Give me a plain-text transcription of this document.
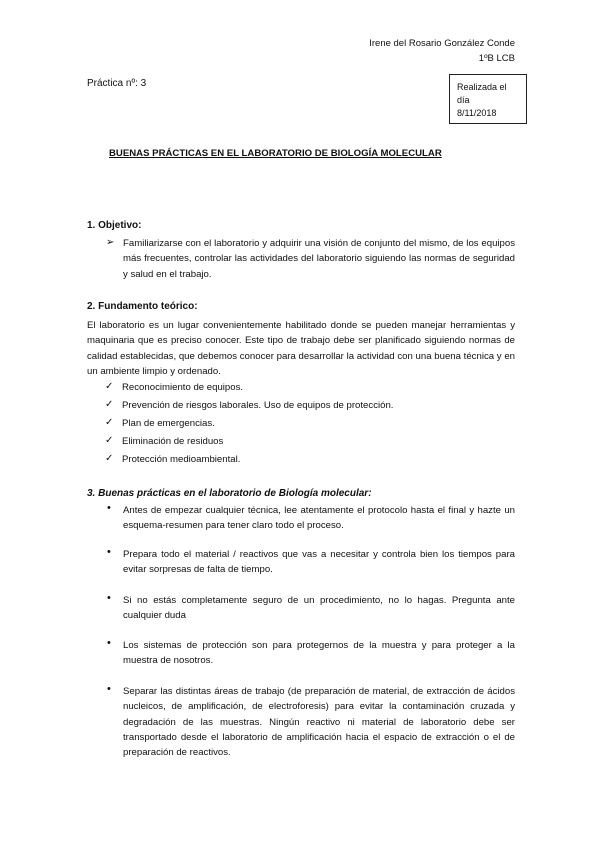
Irene del Rosario González Conde
1ºB LCB
Práctica nº: 3	Realizada el día
8/11/2018
BUENAS PRÁCTICAS EN EL LABORATORIO DE BIOLOGÍA MOLECULAR
1. Objetivo:
➢ Familiarizarse con el laboratorio y adquirir una visión de conjunto del mismo, de los equipos más frecuentes, controlar las actividades del laboratorio siguiendo las normas de seguridad y salud en el trabajo.
2. Fundamento teórico:
El laboratorio es un lugar convenientemente habilitado donde se pueden manejar herramientas y maquinaria que es preciso conocer. Este tipo de trabajo debe ser planificado siguiendo normas de calidad establecidas, que debemos conocer para desarrollar la actividad con una buena técnica y en un ambiente limpio y ordenado.
✓ Reconocimiento de equipos.
✓ Prevención de riesgos laborales. Uso de equipos de protección.
✓ Plan de emergencias.
✓ Eliminación de residuos
✓ Protección medioambiental.
3. Buenas prácticas en el laboratorio de Biología molecular:
• Antes de empezar cualquier técnica, lee atentamente el protocolo hasta el final y hazte un esquema-resumen para tener claro todo el proceso.
• Prepara todo el material / reactivos que vas a necesitar y controla bien los tiempos para evitar sorpresas de falta de tiempo.
• Si no estás completamente seguro de un procedimiento, no lo hagas. Pregunta ante cualquier duda
• Los sistemas de protección son para protegernos de la muestra y para proteger a la muestra de nosotros.
• Separar las distintas áreas de trabajo (de preparación de material, de extracción de ácidos nucleicos, de amplificación, de electroforesis) para evitar la contaminación cruzada y degradación de las muestras. Ningún reactivo ni material de laboratorio debe ser transportado desde el laboratorio de amplificación hacia el espacio de extracción o el de preparación de reactivos.
